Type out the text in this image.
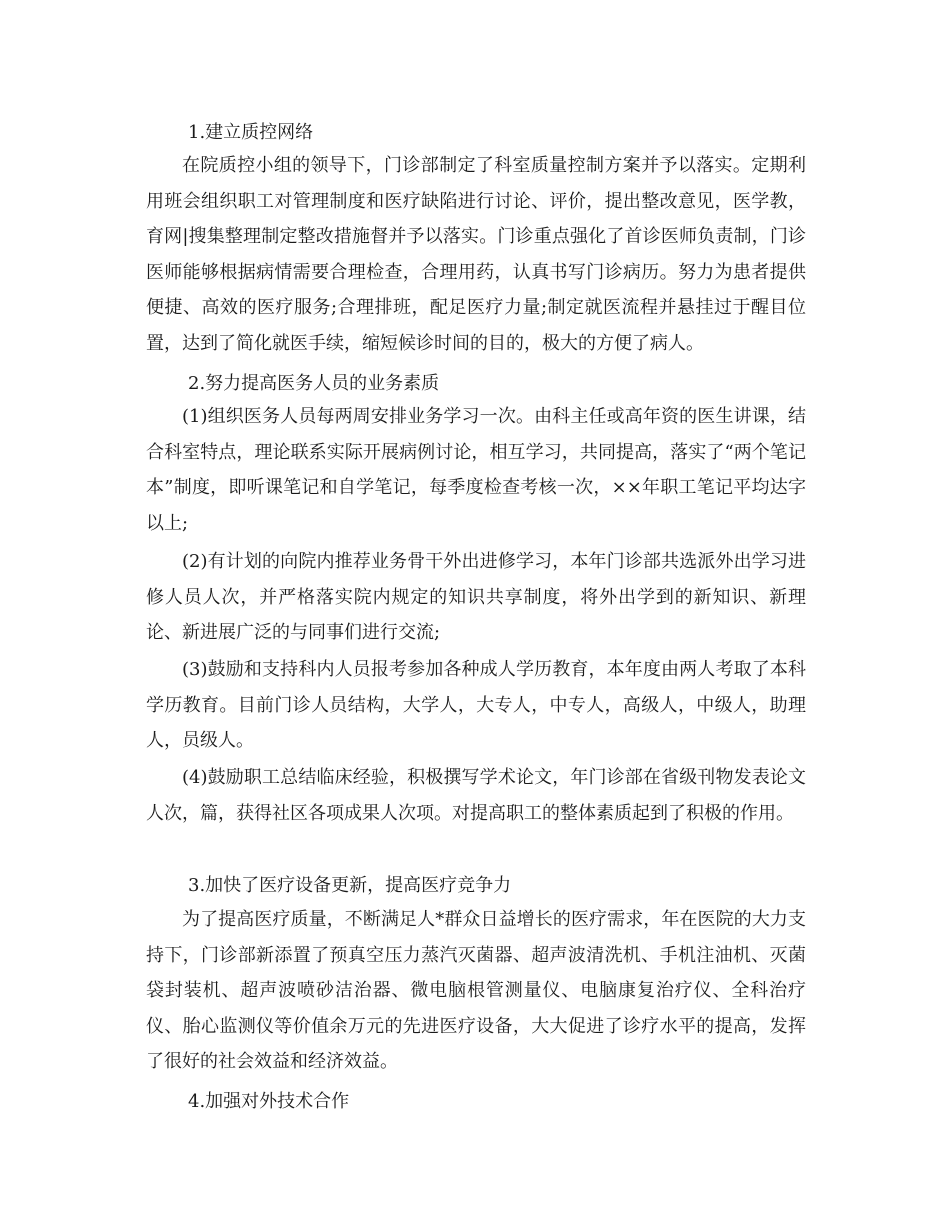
1.建立质控网络
在院质控小组的领导下，门诊部制定了科室质量控制方案并予以落实。定期利用班会组织职工对管理制度和医疗缺陷进行讨论、评价，提出整改意见，医学教，育网|搜集整理制定整改措施督并予以落实。门诊重点强化了首诊医师负责制，门诊医师能够根据病情需要合理检查，合理用药，认真书写门诊病历。努力为患者提供便捷、高效的医疗服务;合理排班，配足医疗力量;制定就医流程并悬挂过于醒目位置，达到了简化就医手续，缩短候诊时间的目的，极大的方便了病人。
2.努力提高医务人员的业务素质
(1)组织医务人员每两周安排业务学习一次。由科主任或高年资的医生讲课，结合科室特点，理论联系实际开展病例讨论，相互学习，共同提高，落实了“两个笔记本”制度，即听课笔记和自学笔记，每季度检查考核一次，××年职工笔记平均达字以上;
(2)有计划的向院内推荐业务骨干外出进修学习，本年门诊部共选派外出学习进修人员人次，并严格落实院内规定的知识共享制度，将外出学到的新知识、新理论、新进展广泛的与同事们进行交流;
(3)鼓励和支持科内人员报考参加各种成人学历教育，本年度由两人考取了本科学历教育。目前门诊人员结构，大学人，大专人，中专人，高级人，中级人，助理人，员级人。
(4)鼓励职工总结临床经验，积极撰写学术论文，年门诊部在省级刊物发表论文人次，篇，获得社区各项成果人次项。对提高职工的整体素质起到了积极的作用。
3.加快了医疗设备更新，提高医疗竞争力
为了提高医疗质量，不断满足人*群众日益增长的医疗需求，年在医院的大力支持下，门诊部新添置了预真空压力蒸汽灭菌器、超声波清洗机、手机注油机、灭菌袋封装机、超声波喷砂洁治器、微电脑根管测量仪、电脑康复治疗仪、全科治疗仪、胎心监测仪等价值余万元的先进医疗设备，大大促进了诊疗水平的提高，发挥了很好的社会效益和经济效益。
4.加强对外技术合作
